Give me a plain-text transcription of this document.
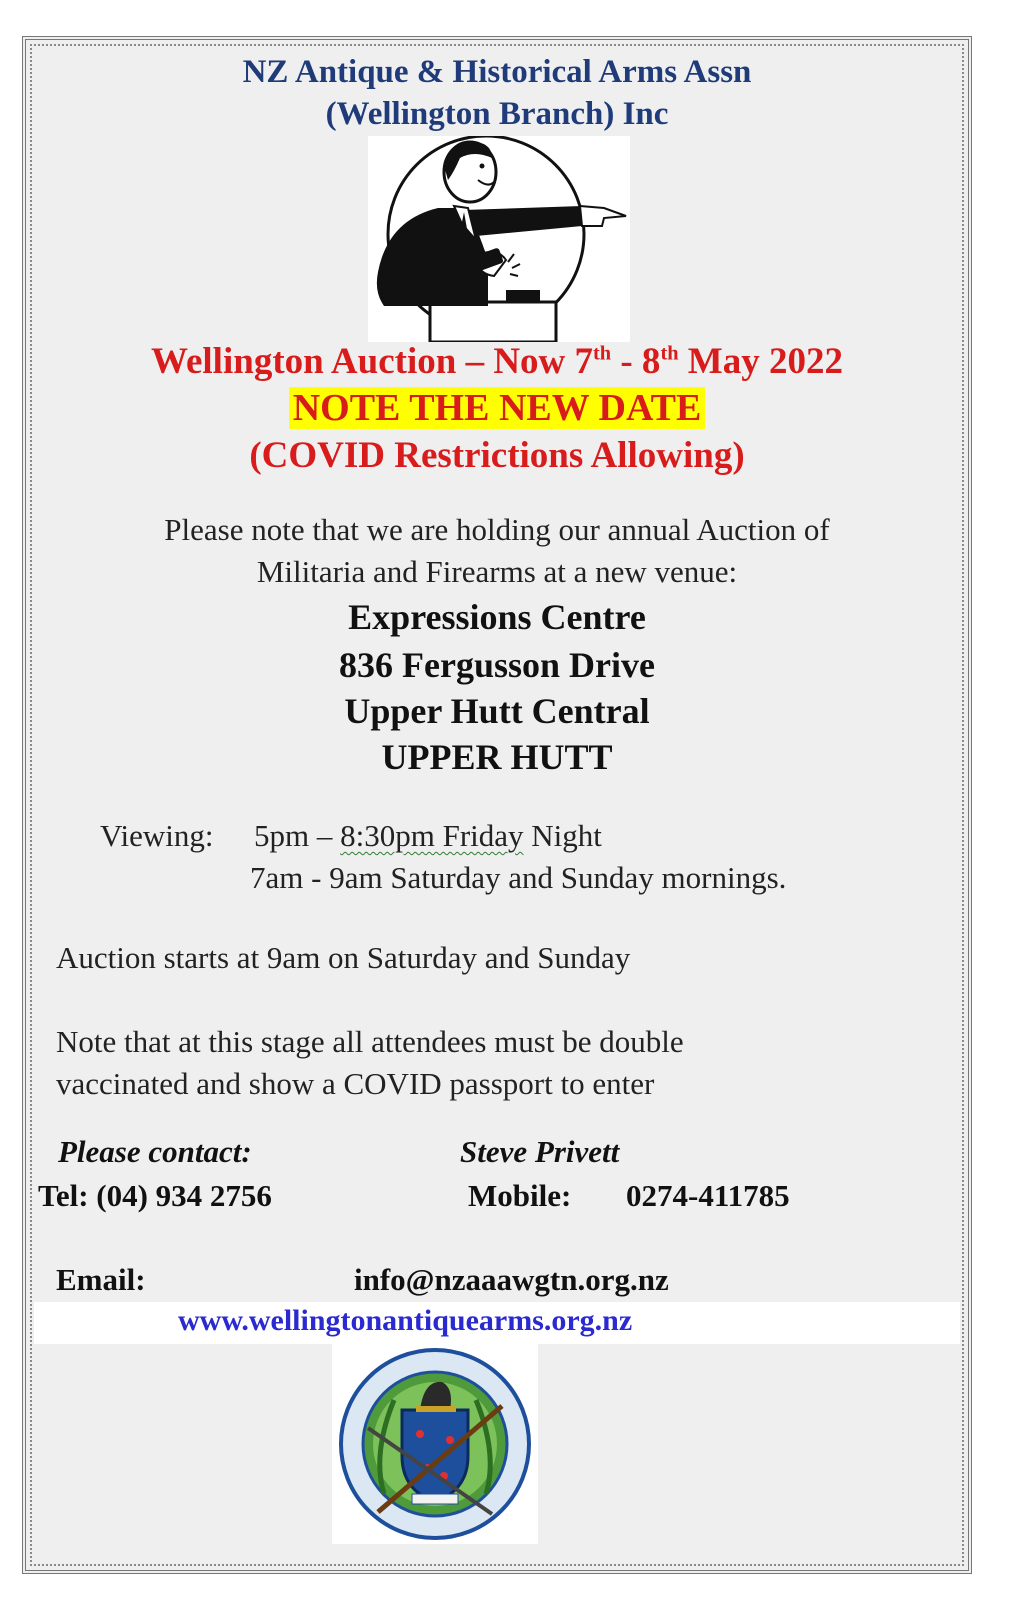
NZ Antique & Historical Arms Assn
(Wellington Branch) Inc
Wellington Auction – Now 7th - 8th May 2022
NOTE THE NEW DATE
(COVID Restrictions Allowing)
Please note that we are holding our annual Auction of
Militaria and Firearms at a new venue:
Expressions Centre
836 Fergusson Drive
Upper Hutt Central
UPPER HUTT
Viewing: 5pm – 8:30pm Friday Night
7am - 9am Saturday and Sunday mornings.
Auction starts at 9am on Saturday and Sunday
Note that at this stage all attendees must be double
vaccinated and show a COVID passport to enter
Please contact:	Steve Privett
Tel: (04) 934 2756	Mobile: 0274-411785
Email:	info@nzaaawgtn.org.nz
www.wellingtonantiquearms.org.nz
